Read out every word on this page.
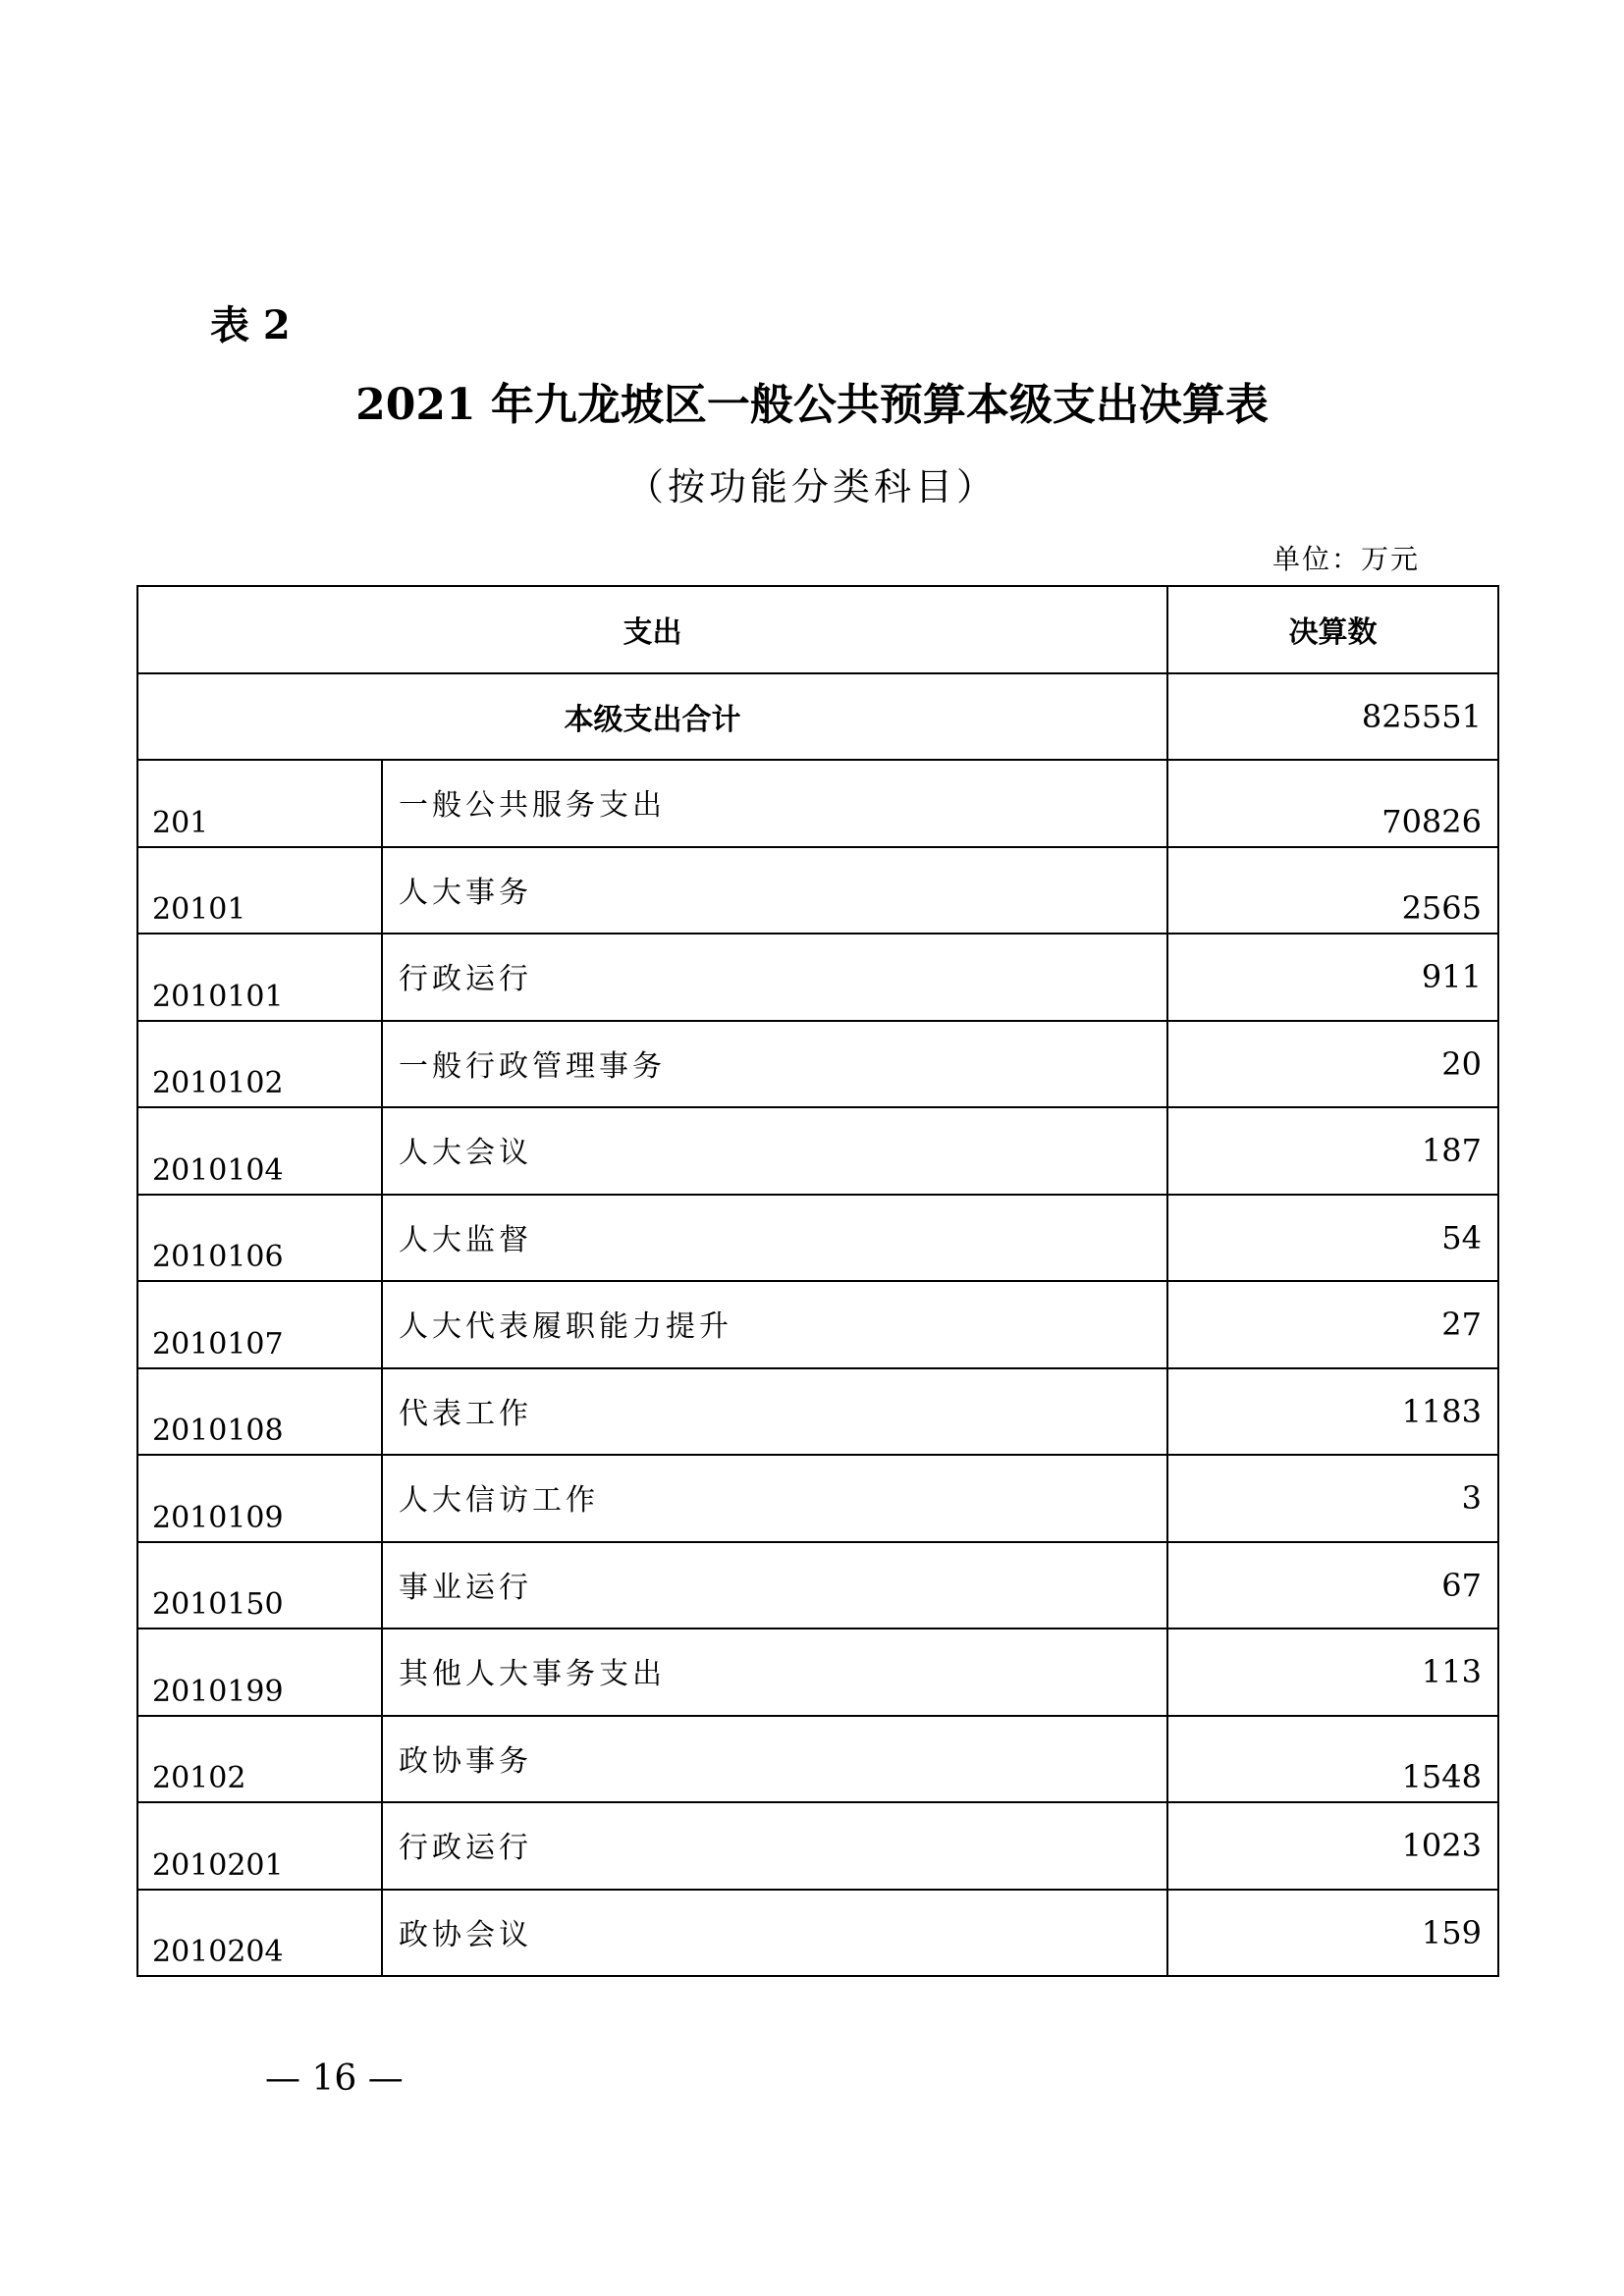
表 2
2021 年九龙坡区一般公共预算本级支出决算表
（按功能分类科目）
单位：万元
支出		决算数
本级支出合计		825551
201	一般公共服务支出	70826
20101	人大事务	2565
2010101	行政运行	911
2010102	一般行政管理事务	20
2010104	人大会议	187
2010106	人大监督	54
2010107	人大代表履职能力提升	27
2010108	代表工作	1183
2010109	人大信访工作	3
2010150	事业运行	67
2010199	其他人大事务支出	113
20102	政协事务	1548
2010201	行政运行	1023
2010204	政协会议	159
— 16 —
